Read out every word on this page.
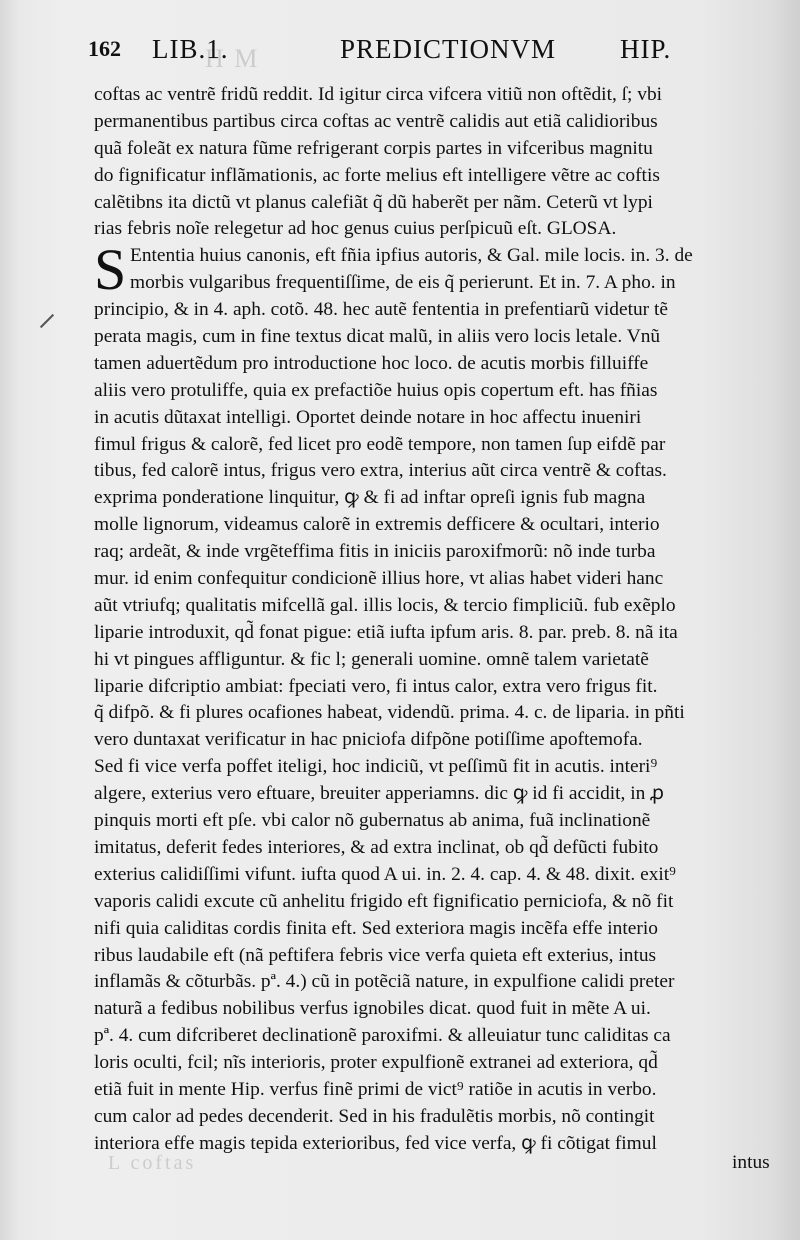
H M
L coftas
162 LIB.1.	PREDICTIONVM HIP.
coftas ac ventrẽ fridũ reddit. Id igitur circa vifcera vitiũ non oftẽdit, ſ; vbi
permanentibus partibus circa coftas ac ventrẽ calidis aut etiã calidioribus
quã foleãt ex natura fũme refrigerant corpis partes in vifceribus magnitu
do fignificatur inflãmationis, ac forte melius eft intelligere vẽtre ac coftis
calẽtibns ita dictũ vt planus calefiãt q̃ dũ haberẽt per nãm. Ceterũ vt lypi
rias febris noĩe relegetur ad hoc genus cuius perſpicuũ eſt. GLOSA.
S Ententia huius canonis, eft fñia ipfius autoris, & Gal. mile locis. in. 3. de
morbis vulgaribus frequentiſſime, de eis q̃ perierunt. Et in. 7. A pho. in
principio, & in 4. aph. cotõ. 48. hec autẽ fententia in prefentiarũ videtur tẽ
perata magis, cum in fine textus dicat malũ, in aliis vero locis letale. Vnũ
tamen aduertẽdum pro introductione hoc loco. de acutis morbis filluiffe
aliis vero protuliffe, quia ex prefactiõe huius opis copertum eft. has fñias
in acutis dũtaxat intelligi. Oportet deinde notare in hoc affectu inueniri
fimul frigus & calorẽ, fed licet pro eodẽ tempore, non tamen ſup eifdẽ par
tibus, fed calorẽ intus, frigus vero extra, interius aũt circa ventrẽ & coftas.
exprima ponderatione linquitur, ꝙ & fi ad inftar opreſi ignis fub magna
molle lignorum, videamus calorẽ in extremis defficere & ocultari, interio
raq; ardeãt, & inde vrgẽteffima fitis in iniciis paroxifmorũ: nõ inde turba
mur. id enim confequitur condicionẽ illius hore, vt alias habet videri hanc
aũt vtriufq; qualitatis mifcellã gal. illis locis, & tercio fimpliciũ. fub exẽplo
liparie introduxit, qd̃ fonat pigue: etiã iufta ipfum aris. 8. par. preb. 8. nã ita
hi vt pingues affliguntur. & fic l; generali uomine. omnẽ talem varietatẽ
liparie difcriptio ambiat: fpeciati vero, fi intus calor, extra vero frigus fit.
q̃ difpõ. & fi plures ocafiones habeat, videndũ. prima. 4. c. de liparia. in pñti
vero duntaxat verificatur in hac pniciofa difpõne potiſſime apoftemofa.
Sed fi vice verfa poffet iteligi, hoc indiciũ, vt peſſimũ fit in acutis. interi⁹
algere, exterius vero eftuare, breuiter apperiamns. dic ꝙ id fi accidit, in ꝓ
pinquis morti eft pſe. vbi calor nõ gubernatus ab anima, fuã inclinationẽ
imitatus, deferit fedes interiores, & ad extra inclinat, ob qd̃ defũcti fubito
exterius calidiſſimi vifunt. iufta quod A ui. in. 2. 4. cap. 4. & 48. dixit. exit⁹
vaporis calidi excute cũ anhelitu frigido eft fignificatio perniciofa, & nõ fit
nifi quia caliditas cordis finita eft. Sed exteriora magis incẽfa effe interio
ribus laudabile eft (nã peftifera febris vice verfa quieta eft exterius, intus
inflamãs & cõturbãs. pª. 4.) cũ in potẽciã nature, in expulfione calidi preter
naturã a fedibus nobilibus verfus ignobiles dicat. quod fuit in mẽte A ui.
pª. 4. cum difcriberet declinationẽ paroxifmi. & alleuiatur tunc caliditas ca
loris oculti, fcil; nĩs interioris, proter expulfionẽ extranei ad exteriora, qd̃
etiã fuit in mente Hip. verfus finẽ primi de vict⁹ ratiõe in acutis in verbo.
cum calor ad pedes decenderit. Sed in his fradulẽtis morbis, nõ contingit
interiora effe magis tepida exterioribus, fed vice verfa, ꝙ fi cõtigat fimul
intus
